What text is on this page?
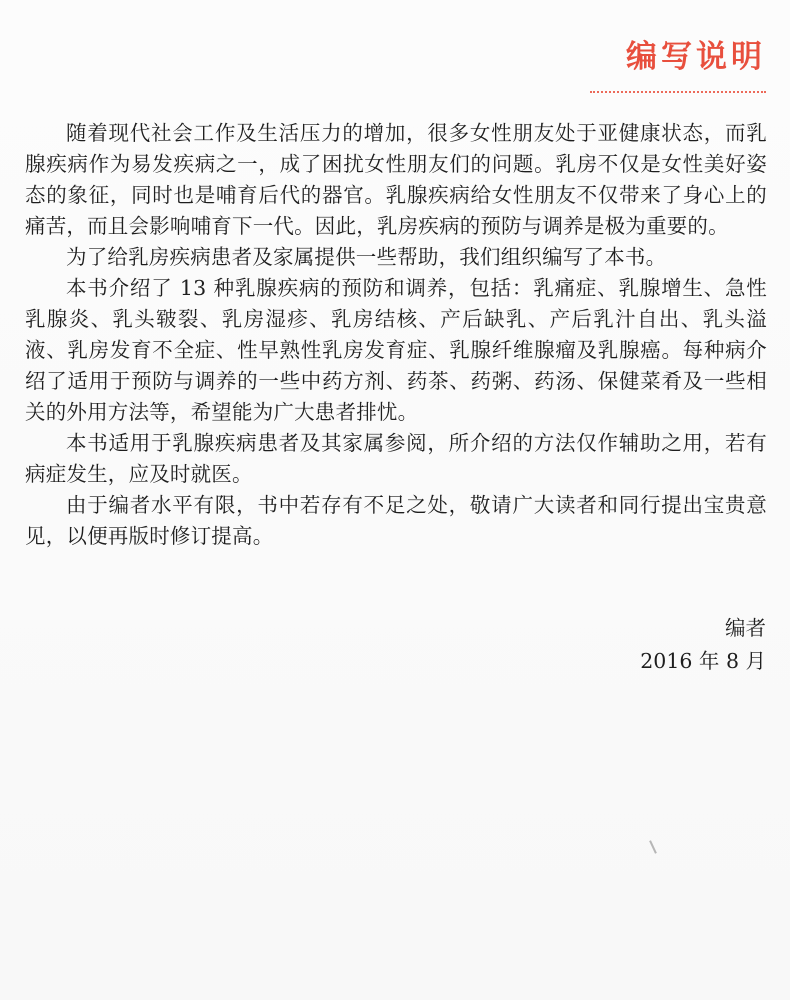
编写说明

随着现代社会工作及生活压力的增加，很多女性朋友处于亚健康状态，而乳腺疾病作为易发疾病之一，成了困扰女性朋友们的问题。乳房不仅是女性美好姿态的象征，同时也是哺育后代的器官。乳腺疾病给女性朋友不仅带来了身心上的痛苦，而且会影响哺育下一代。因此，乳房疾病的预防与调养是极为重要的。

为了给乳房疾病患者及家属提供一些帮助，我们组织编写了本书。

本书介绍了 13 种乳腺疾病的预防和调养，包括：乳痛症、乳腺增生、急性乳腺炎、乳头皲裂、乳房湿疹、乳房结核、产后缺乳、产后乳汁自出、乳头溢液、乳房发育不全症、性早熟性乳房发育症、乳腺纤维腺瘤及乳腺癌。每种病介绍了适用于预防与调养的一些中药方剂、药茶、药粥、药汤、保健菜肴及一些相关的外用方法等，希望能为广大患者排忧。

本书适用于乳腺疾病患者及其家属参阅，所介绍的方法仅作辅助之用，若有病症发生，应及时就医。

由于编者水平有限，书中若存有不足之处，敬请广大读者和同行提出宝贵意见，以便再版时修订提高。

编者
2016 年 8 月
